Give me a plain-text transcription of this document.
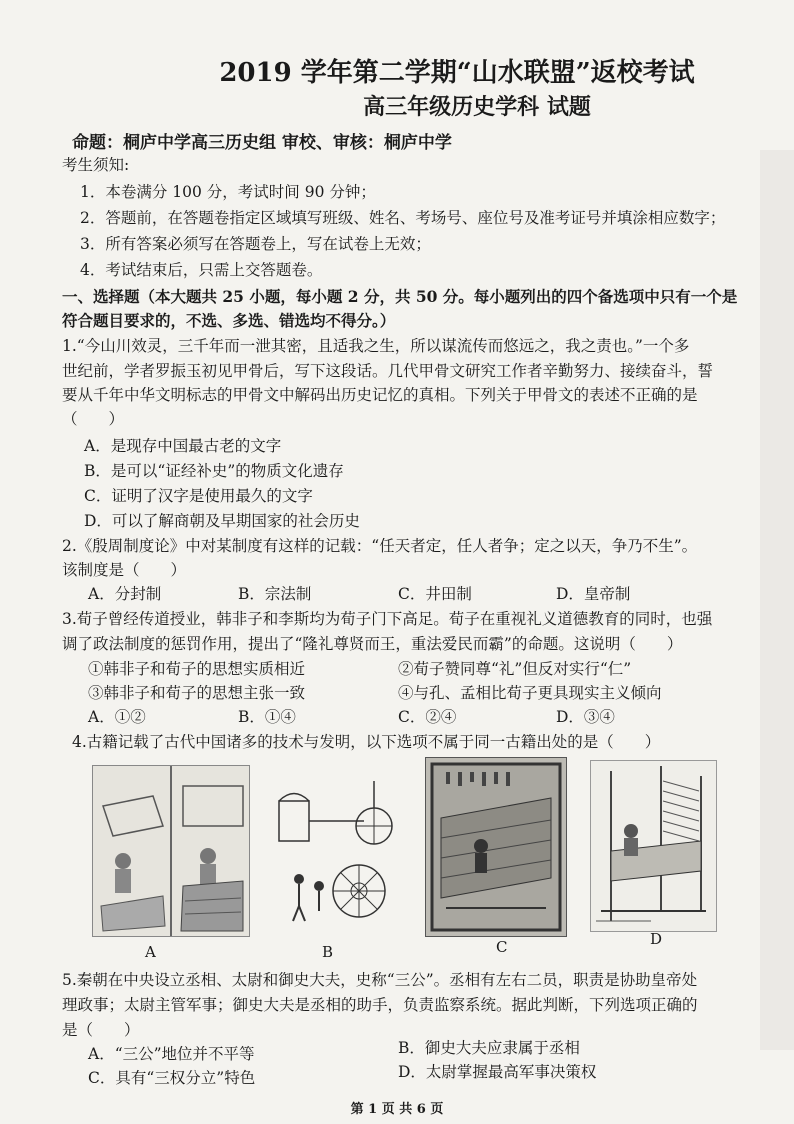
2019 学年第二学期“山水联盟”返校考试
高三年级历史学科 试题
命题：桐庐中学高三历史组 审校、审核：桐庐中学
考生须知:
1．本卷满分 100 分，考试时间 90 分钟；
2．答题前，在答题卷指定区域填写班级、姓名、考场号、座位号及准考证号并填涂相应数字；
3．所有答案必须写在答题卷上，写在试卷上无效；
4．考试结束后，只需上交答题卷。
一、选择题（本大题共 25 小题，每小题 2 分，共 50 分。每小题列出的四个备选项中只有一个是
符合题目要求的，不选、多选、错选均不得分。）
1.“今山川效灵，三千年而一泄其密，且适我之生，所以谋流传而悠远之，我之责也。”一个多
世纪前，学者罗振玉初见甲骨后，写下这段话。几代甲骨文研究工作者辛勤努力、接续奋斗，誓
要从千年中华文明标志的甲骨文中解码出历史记忆的真相。下列关于甲骨文的表述不正确的是
（　　）
A．是现存中国最古老的文字
B．是可以“证经补史”的物质文化遗存
C．证明了汉字是使用最久的文字
D．可以了解商朝及早期国家的社会历史
2.《殷周制度论》中对某制度有这样的记载：“任天者定，任人者争；定之以天，争乃不生”。
该制度是（　　）
A．分封制	B．宗法制	C．井田制	D．皇帝制
3.荀子曾经传道授业，韩非子和李斯均为荀子门下高足。荀子在重视礼义道德教育的同时，也强
调了政法制度的惩罚作用，提出了“隆礼尊贤而王，重法爱民而霸”的命题。这说明（　　）
①韩非子和荀子的思想实质相近	②荀子赞同尊“礼”但反对实行“仁”
③韩非子和荀子的思想主张一致	④与孔、孟相比荀子更具现实主义倾向
A．①②	B．①④	C．②④	D．③④
4.古籍记载了古代中国诸多的技术与发明，以下选项不属于同一古籍出处的是（　　）
A	B	C	D
5.秦朝在中央设立丞相、太尉和御史大夫，史称“三公”。丞相有左右二员，职责是协助皇帝处
理政事；太尉主管军事；御史大夫是丞相的助手，负责监察系统。据此判断，下列选项正确的
是（　　）
A．“三公”地位并不平等	B．御史大夫应隶属于丞相
C．具有“三权分立”特色	D．太尉掌握最高军事决策权
第 1 页 共 6 页
